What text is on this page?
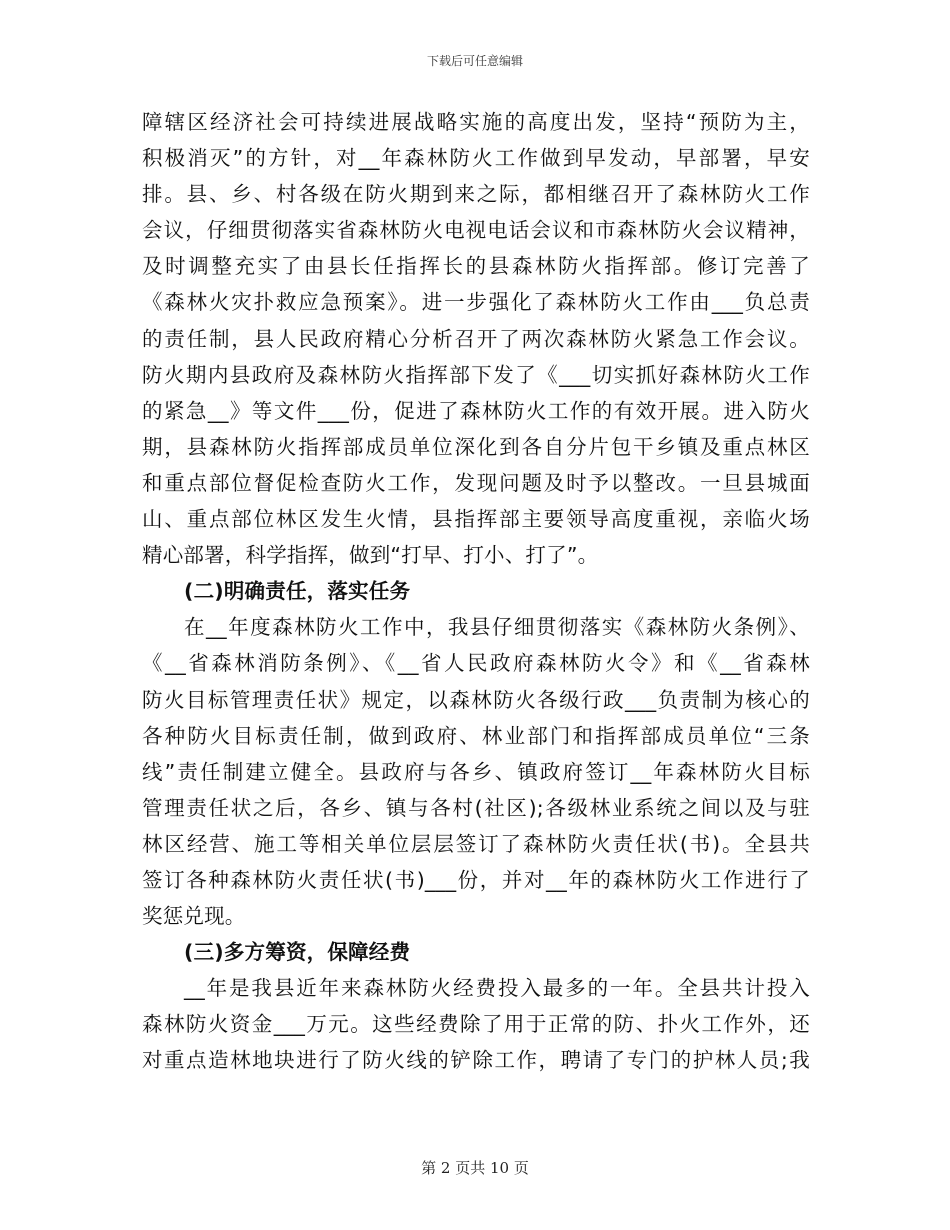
下载后可任意编辑
障辖区经济社会可持续进展战略实施的高度出发，坚持“预防为主，
积极消灭”的方针，对__年森林防火工作做到早发动，早部署，早安
排。县、乡、村各级在防火期到来之际，都相继召开了森林防火工作
会议，仔细贯彻落实省森林防火电视电话会议和市森林防火会议精神，
及时调整充实了由县长任指挥长的县森林防火指挥部。修订完善了
《森林火灾扑救应急预案》。进一步强化了森林防火工作由___负总责
的责任制，县人民政府精心分析召开了两次森林防火紧急工作会议。
防火期内县政府及森林防火指挥部下发了《___切实抓好森林防火工作
的紧急__》等文件___份，促进了森林防火工作的有效开展。进入防火
期，县森林防火指挥部成员单位深化到各自分片包干乡镇及重点林区
和重点部位督促检查防火工作，发现问题及时予以整改。一旦县城面
山、重点部位林区发生火情，县指挥部主要领导高度重视，亲临火场
精心部署，科学指挥，做到“打早、打小、打了”。
(二)明确责任，落实任务
在__年度森林防火工作中，我县仔细贯彻落实《森林防火条例》、
《__省森林消防条例》、《__省人民政府森林防火令》和《__省森林
防火目标管理责任状》规定，以森林防火各级行政___负责制为核心的
各种防火目标责任制，做到政府、林业部门和指挥部成员单位“三条
线”责任制建立健全。县政府与各乡、镇政府签订__年森林防火目标
管理责任状之后，各乡、镇与各村(社区);各级林业系统之间以及与驻
林区经营、施工等相关单位层层签订了森林防火责任状(书)。全县共
签订各种森林防火责任状(书)___份，并对__年的森林防火工作进行了
奖惩兑现。
(三)多方筹资，保障经费
__年是我县近年来森林防火经费投入最多的一年。全县共计投入
森林防火资金___万元。这些经费除了用于正常的防、扑火工作外，还
对重点造林地块进行了防火线的铲除工作，聘请了专门的护林人员;我
第 2 页共 10 页
